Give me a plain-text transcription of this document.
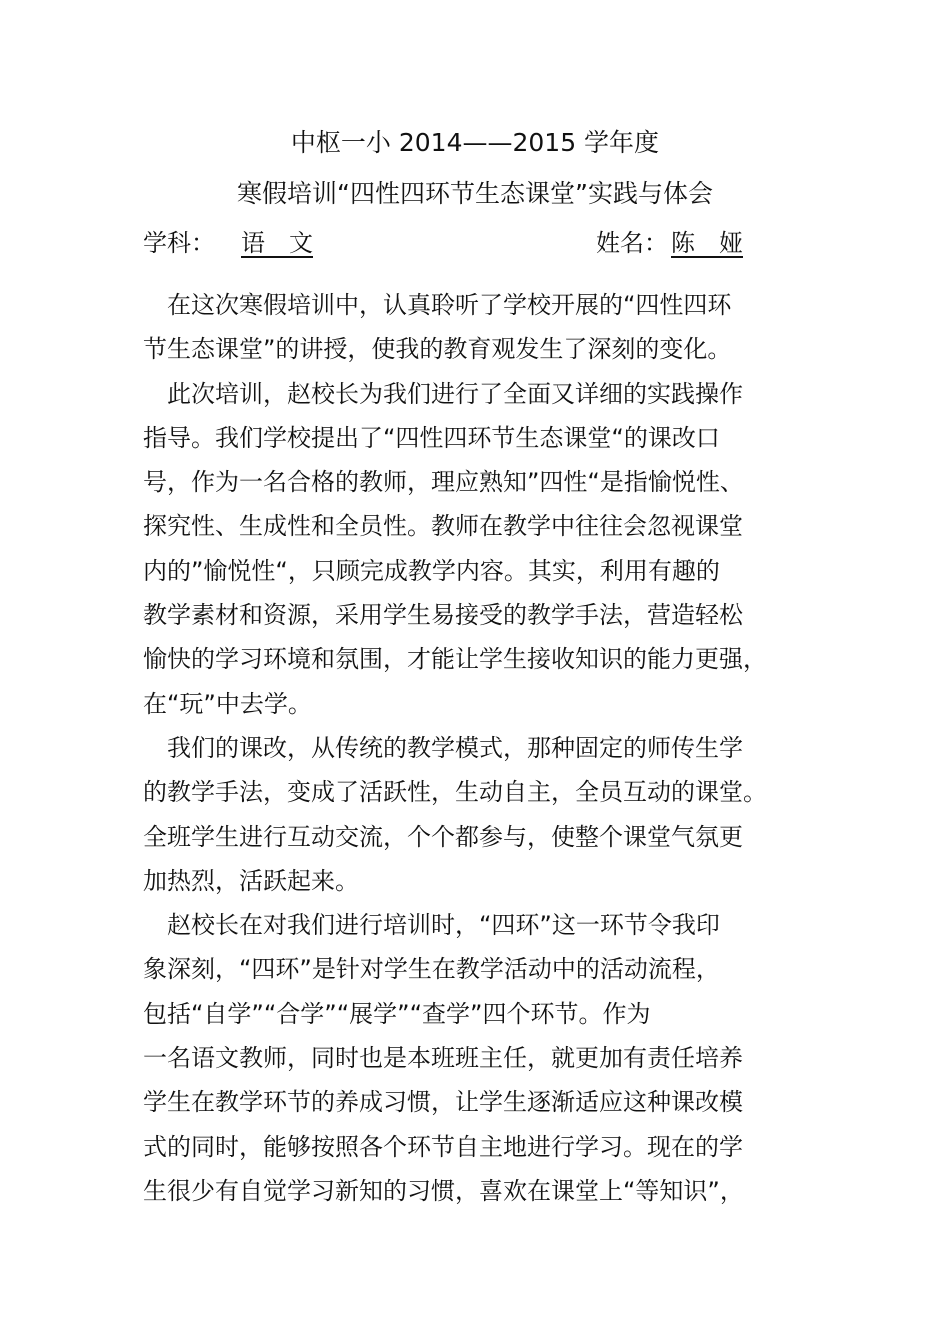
中枢一小 2014——2015 学年度
寒假培训“四性四环节生态课堂”实践与体会
学科： 语　文	姓名： 陈　娅
　在这次寒假培训中，认真聆听了学校开展的“四性四环
节生态课堂”的讲授，使我的教育观发生了深刻的变化。
　此次培训，赵校长为我们进行了全面又详细的实践操作
指导。我们学校提出了“四性四环节生态课堂“的课改口
号，作为一名合格的教师，理应熟知”四性“是指愉悦性、
探究性、生成性和全员性。教师在教学中往往会忽视课堂
内的”愉悦性“，只顾完成教学内容。其实，利用有趣的
教学素材和资源，采用学生易接受的教学手法，营造轻松
愉快的学习环境和氛围，才能让学生接收知识的能力更强，
在“玩”中去学。
　我们的课改，从传统的教学模式，那种固定的师传生学
的教学手法，变成了活跃性，生动自主，全员互动的课堂。
全班学生进行互动交流，个个都参与，使整个课堂气氛更
加热烈，活跃起来。
　赵校长在对我们进行培训时，“四环”这一环节令我印
象深刻，“四环”是针对学生在教学活动中的活动流程，
包括“自学”“合学”“展学”“查学”四个环节。作为
一名语文教师，同时也是本班班主任，就更加有责任培养
学生在教学环节的养成习惯，让学生逐渐适应这种课改模
式的同时，能够按照各个环节自主地进行学习。现在的学
生很少有自觉学习新知的习惯，喜欢在课堂上“等知识”，
